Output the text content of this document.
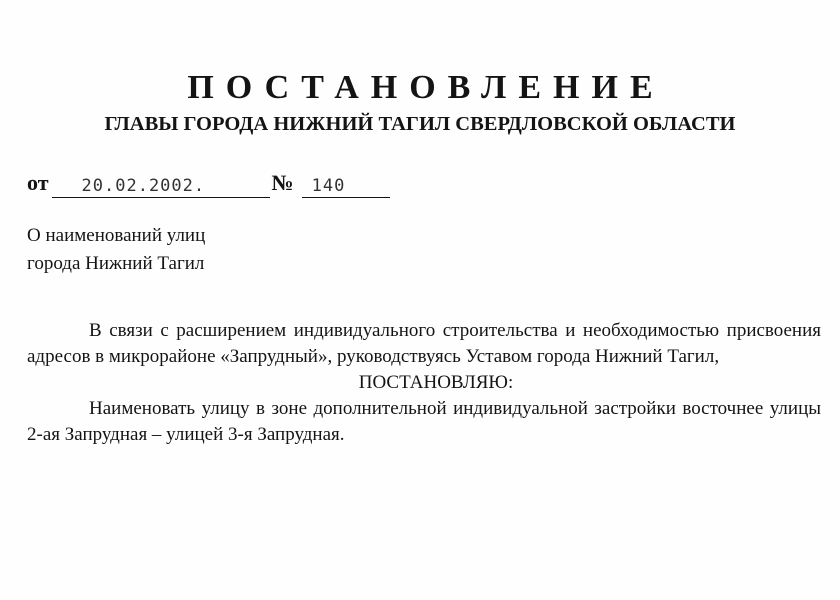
ПОСТАНОВЛЕНИЕ
ГЛАВЫ ГОРОДА НИЖНИЙ ТАГИЛ СВЕРДЛОВСКОЙ ОБЛАСТИ
от 20.02.2002.	№ 140
О наименований улиц
города Нижний Тагил

В связи с расширением индивидуального строительства и необходимостью присвоения адресов в микрорайоне «Запрудный», руководствуясь Уставом города Нижний Тагил,

ПОСТАНОВЛЯЮ:

Наименовать улицу в зоне дополнительной индивидуальной застройки восточнее улицы 2-ая Запрудная – улицей 3-я Запрудная.
